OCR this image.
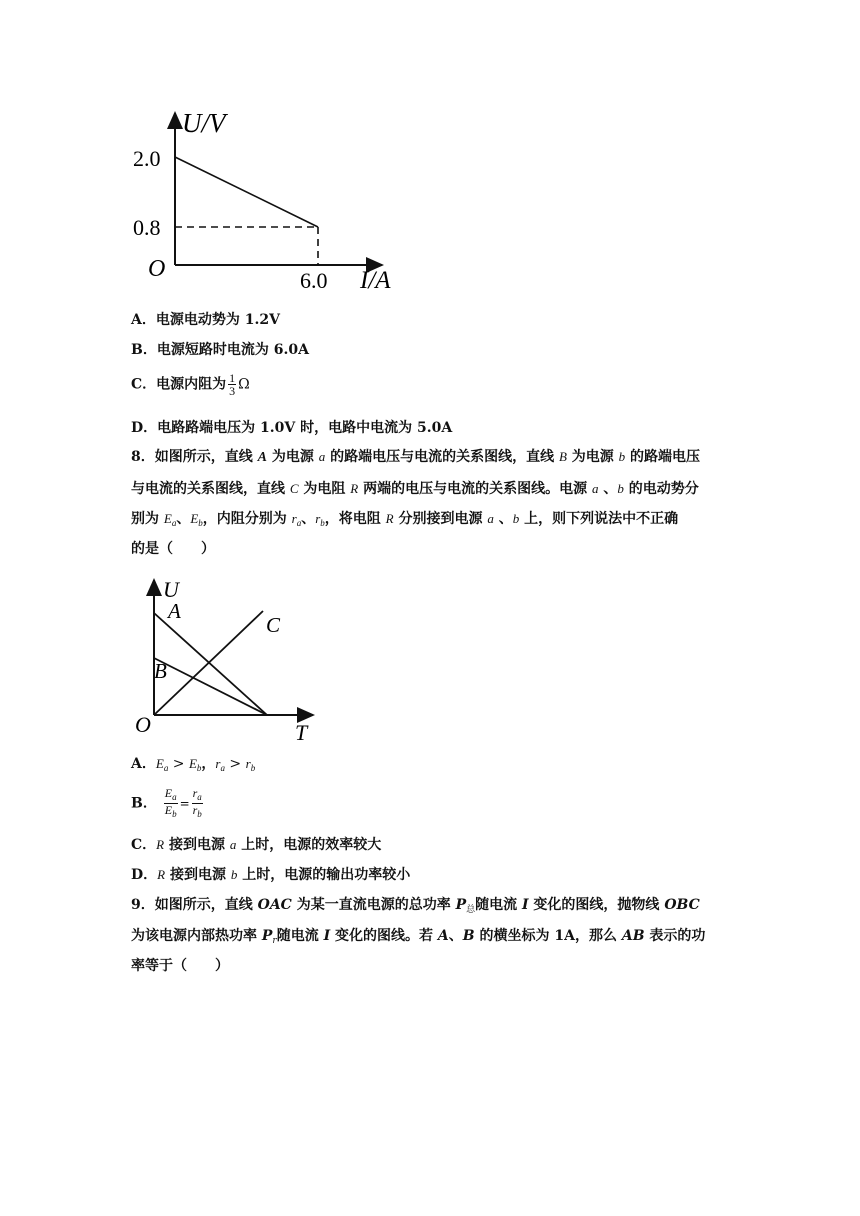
U/V
2.0
0.8
O	6.0 I/A
A．电源电动势为 1.2V
B．电源短路时电流为 6.0A
C．电源内阻为 $\frac{1}{3}$ Ω
D．电路路端电压为 1.0V 时，电路中电流为 5.0A
8．如图所示，直线 A 为电源 a 的路端电压与电流的关系图线，直线 B 为电源 b 的路端电压
与电流的关系图线，直线 C 为电阻 R 两端的电压与电流的关系图线。电源 a 、b 的电动势分
别为 $E_a$、$E_b$，内阻分别为 $r_a$、$r_b$，将电阻 R 分别接到电源 a 、b 上，则下列说法中不正确
的是（　　）
U
A
B
C
O	T
A．$E_a > E_b$，$r_a > r_b$
B． $\frac{E_a}{E_b} = \frac{r_a}{r_b}$
C．R 接到电源 a 上时，电源的效率较大
D．R 接到电源 b 上时，电源的输出功率较小
9．如图所示，直线 OAC 为某一直流电源的总功率 $P_总$随电流 I 变化的图线，抛物线 OBC
为该电源内部热功率 $P_r$随电流 I 变化的图线。若 A、B 的横坐标为 1A，那么 AB 表示的功
率等于（　　）
